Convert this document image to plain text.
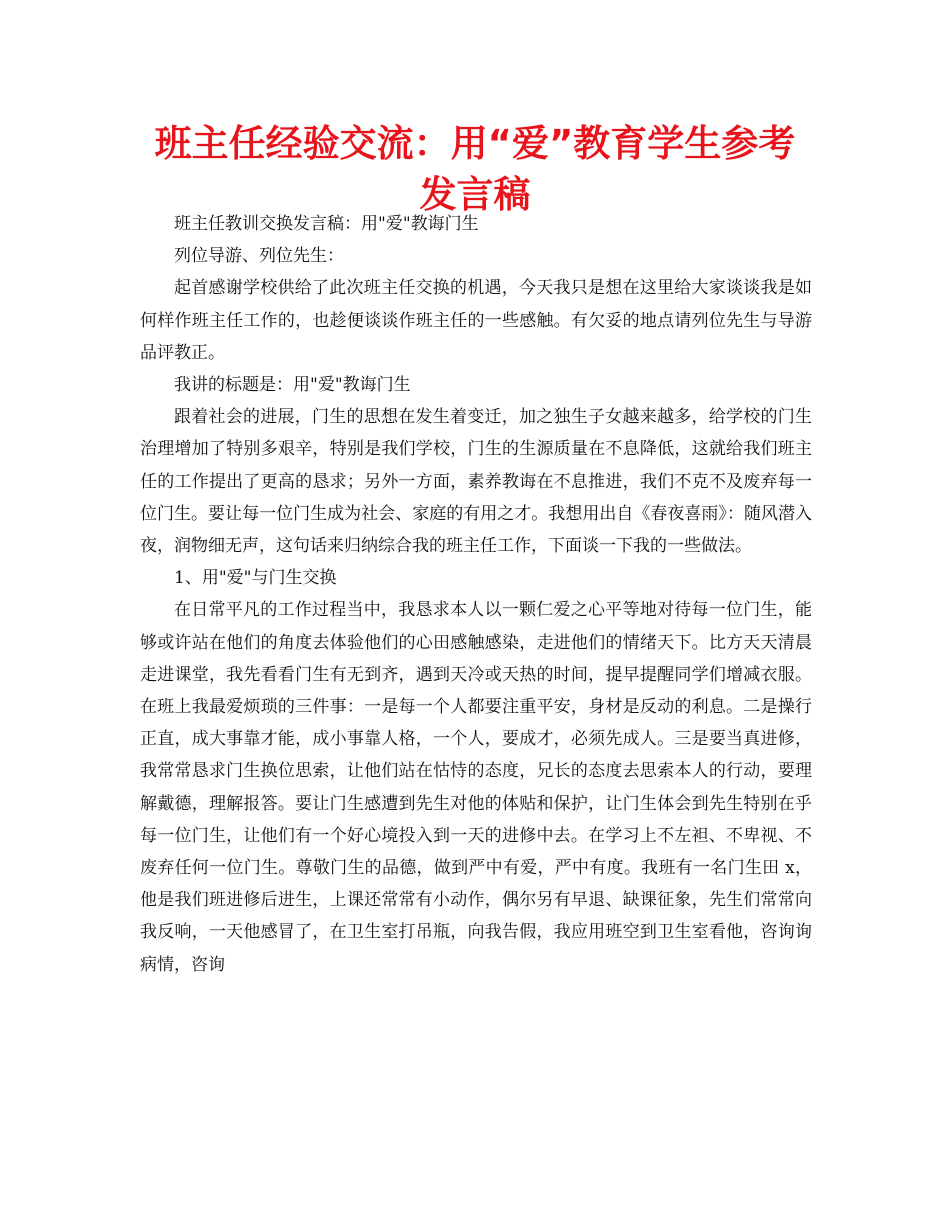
班主任经验交流：用“爱”教育学生参考发言稿

班主任教训交换发言稿：用"爱"教诲门生

列位导游、列位先生：

起首感谢学校供给了此次班主任交换的机遇，今天我只是想在这里给大家谈谈我是如何样作班主任工作的，也趁便谈谈作班主任的一些感触。有欠妥的地点请列位先生与导游品评教正。

我讲的标题是：用"爱"教诲门生

跟着社会的进展，门生的思想在发生着变迁，加之独生子女越来越多，给学校的门生治理增加了特别多艰辛，特别是我们学校，门生的生源质量在不息降低，这就给我们班主任的工作提出了更高的恳求；另外一方面，素养教诲在不息推进，我们不克不及废弃每一位门生。要让每一位门生成为社会、家庭的有用之才。我想用出自《春夜喜雨》：随风潜入夜，润物细无声，这句话来归纳综合我的班主任工作，下面谈一下我的一些做法。

1、用"爱"与门生交换

在日常平凡的工作过程当中，我恳求本人以一颗仁爱之心平等地对待每一位门生，能够或许站在他们的角度去体验他们的心田感触感染，走进他们的情绪天下。比方天天清晨走进课堂，我先看看门生有无到齐，遇到天冷或天热的时间，提早提醒同学们增减衣服。在班上我最爱烦琐的三件事：一是每一个人都要注重平安，身材是反动的利息。二是操行正直，成大事靠才能，成小事靠人格，一个人，要成才，必须先成人。三是要当真进修，我常常恳求门生换位思索，让他们站在怙恃的态度，兄长的态度去思索本人的行动，要理解戴德，理解报答。要让门生感遭到先生对他的体贴和保护，让门生体会到先生特别在乎每一位门生，让他们有一个好心境投入到一天的进修中去。在学习上不左袒、不卑视、不废弃任何一位门生。尊敬门生的品德，做到严中有爱，严中有度。我班有一名门生田 x，他是我们班进修后进生，上课还常常有小动作，偶尔另有早退、缺课征象，先生们常常向我反响，一天他感冒了，在卫生室打吊瓶，向我告假，我应用班空到卫生室看他，咨询询病情，咨询
